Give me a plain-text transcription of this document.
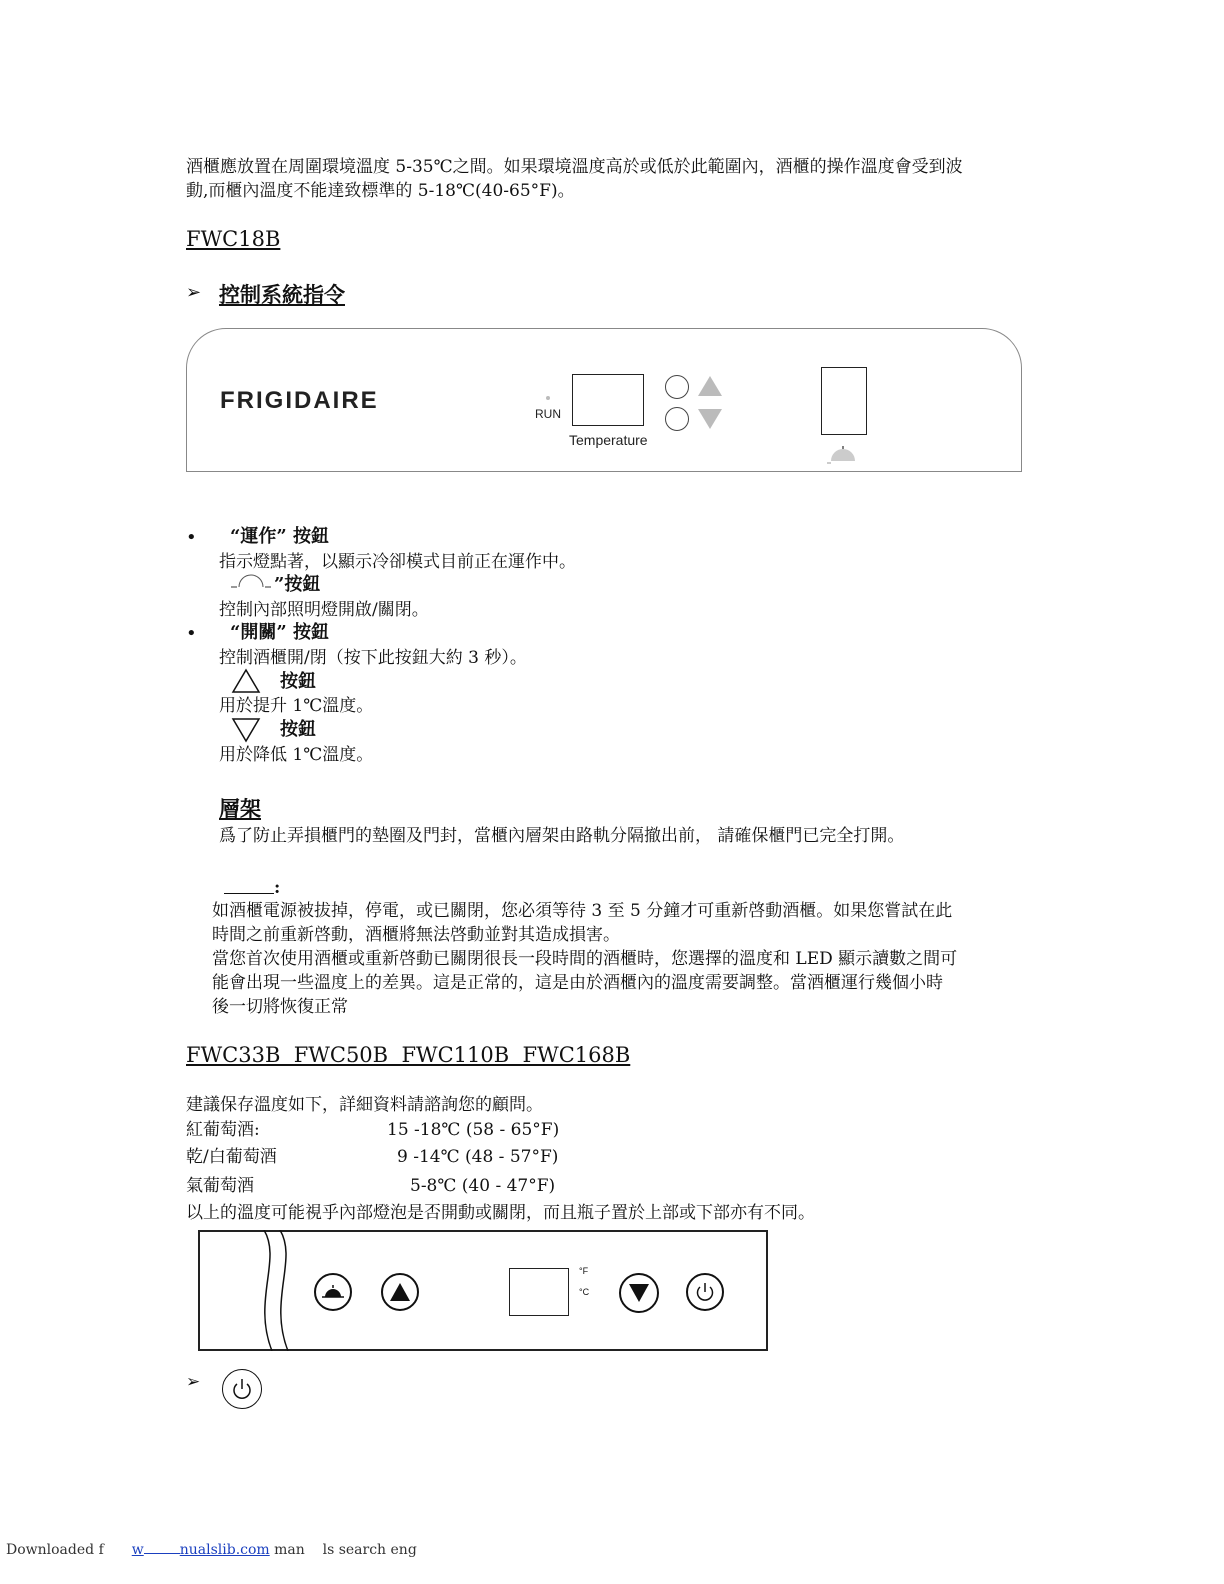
酒櫃應放置在周圍環境溫度 5-35℃之間。如果環境溫度高於或低於此範圍內，酒櫃的操作溫度會受到波
動,而櫃內溫度不能達致標準的 5-18℃(40-65°F)。
FWC18B
➢ 控制系統指令
FRIGIDAIRE	RUN
Temperature
• “運作” 按鈕
指示燈點著，以顯示冷卻模式目前正在運作中。
”按鈕
控制內部照明燈開啟/關閉。
• “開關” 按鈕
控制酒櫃開/閉（按下此按鈕大約 3 秒）。
按鈕
用於提升 1℃溫度。
按鈕
用於降低 1℃溫度。
層架
爲了防止弄損櫃門的墊圈及門封，當櫃內層架由路軌分隔撤出前， 請確保櫃門已完全打開。
:
如酒櫃電源被拔掉，停電，或已關閉，您必須等待 3 至 5 分鐘才可重新啓動酒櫃。如果您嘗試在此
時間之前重新啓動，酒櫃將無法啓動並對其造成損害。
當您首次使用酒櫃或重新啓動已關閉很長一段時間的酒櫃時，您選擇的溫度和 LED 顯示讀數之間可
能會出現一些溫度上的差異。這是正常的，這是由於酒櫃內的溫度需要調整。當酒櫃運行幾個小時
後一切將恢復正常
FWC33B  FWC50B  FWC110B  FWC168B
建議保存溫度如下，詳細資料請諮詢您的顧問。
紅葡萄酒:	15 -18℃ (58 - 65°F)
乾/白葡萄酒	9 -14℃ (48 - 57°F)
氣葡萄酒	5-8℃ (40 - 47°F)
以上的溫度可能視乎內部燈泡是否開動或關閉，而且瓶子置於上部或下部亦有不同。
°F
°C
➢
Downloaded f w	nualslib.com man    ls search eng
